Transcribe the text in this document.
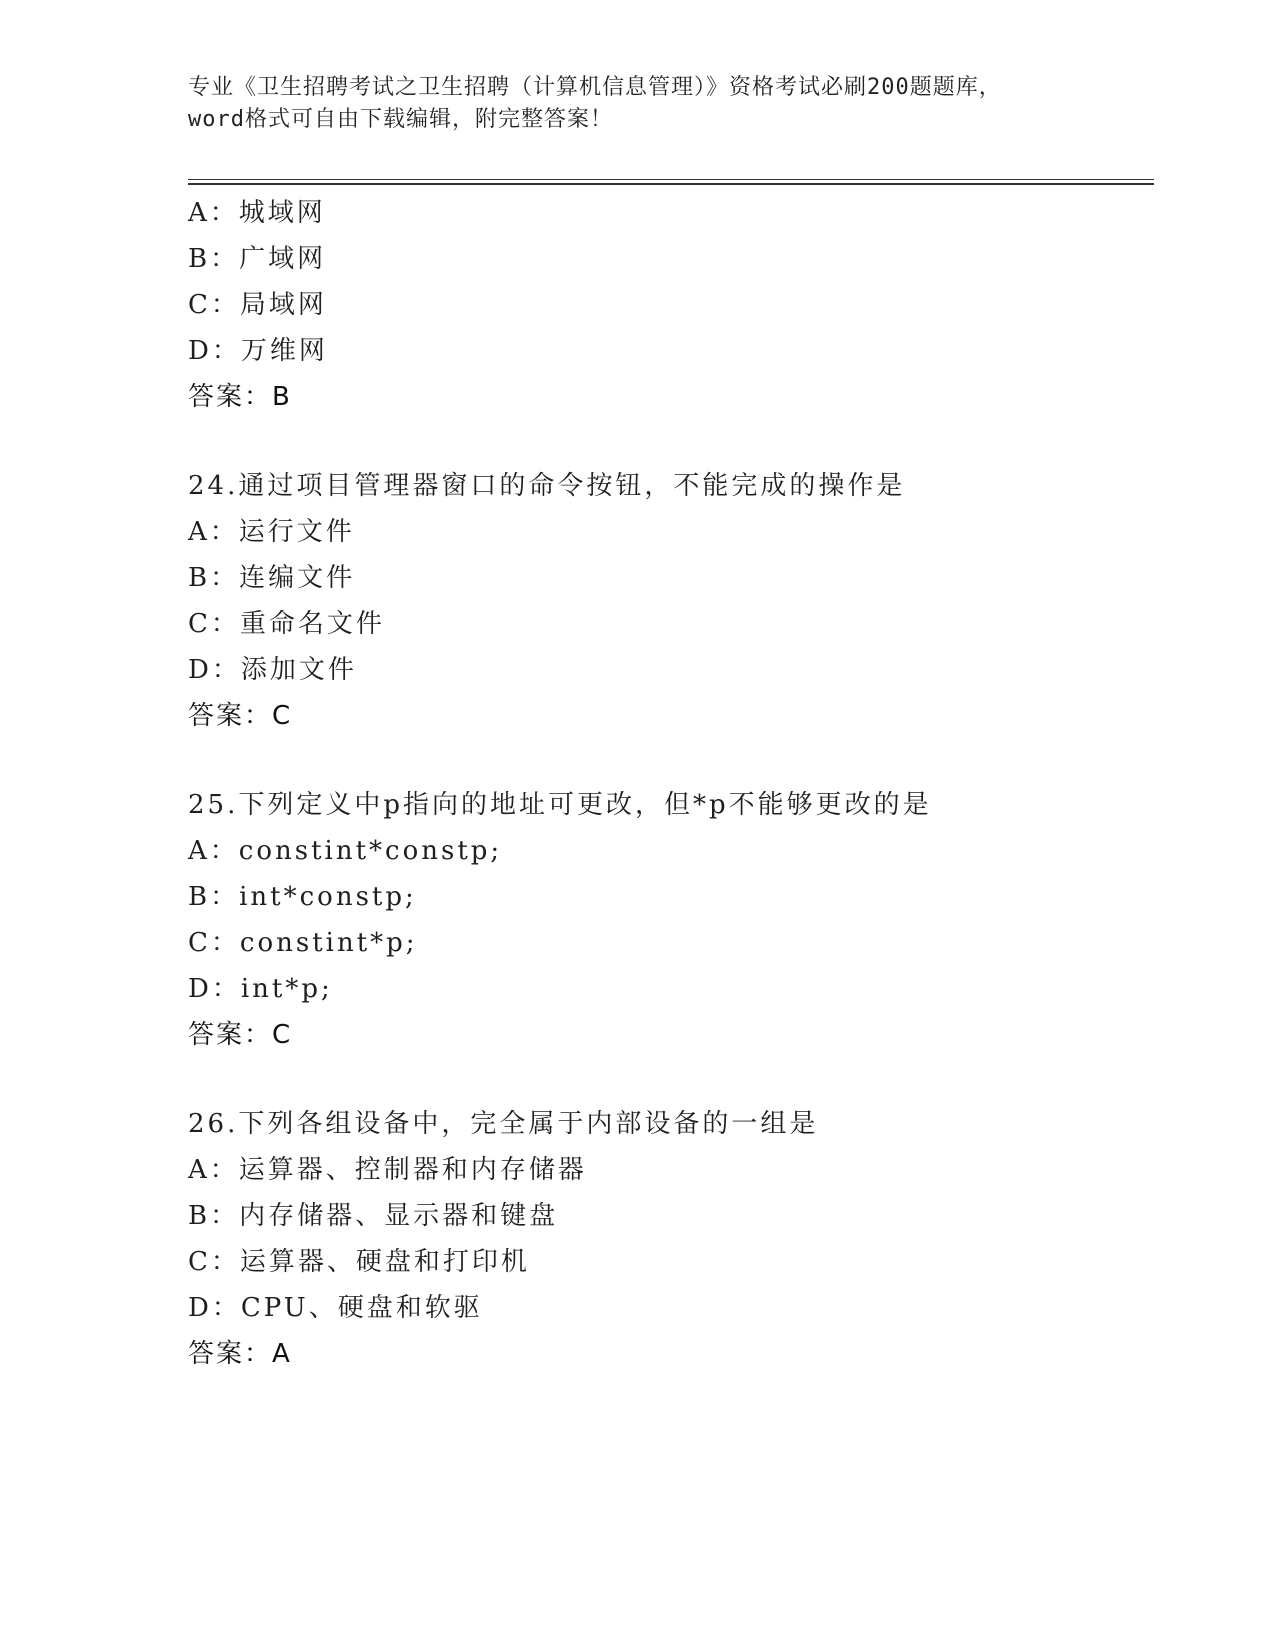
专业《卫生招聘考试之卫生招聘（计算机信息管理）》资格考试必刷200题题库，
word格式可自由下载编辑，附完整答案！
A：城域网
B：广域网
C：局域网
D：万维网
答案：B
24.通过项目管理器窗口的命令按钮，不能完成的操作是
A：运行文件
B：连编文件
C：重命名文件
D：添加文件
答案：C
25.下列定义中p指向的地址可更改，但*p不能够更改的是
A：constint*constp;
B：int*constp;
C：constint*p;
D：int*p;
答案：C
26.下列各组设备中，完全属于内部设备的一组是
A：运算器、控制器和内存储器
B：内存储器、显示器和键盘
C：运算器、硬盘和打印机
D：CPU、硬盘和软驱
答案：A
